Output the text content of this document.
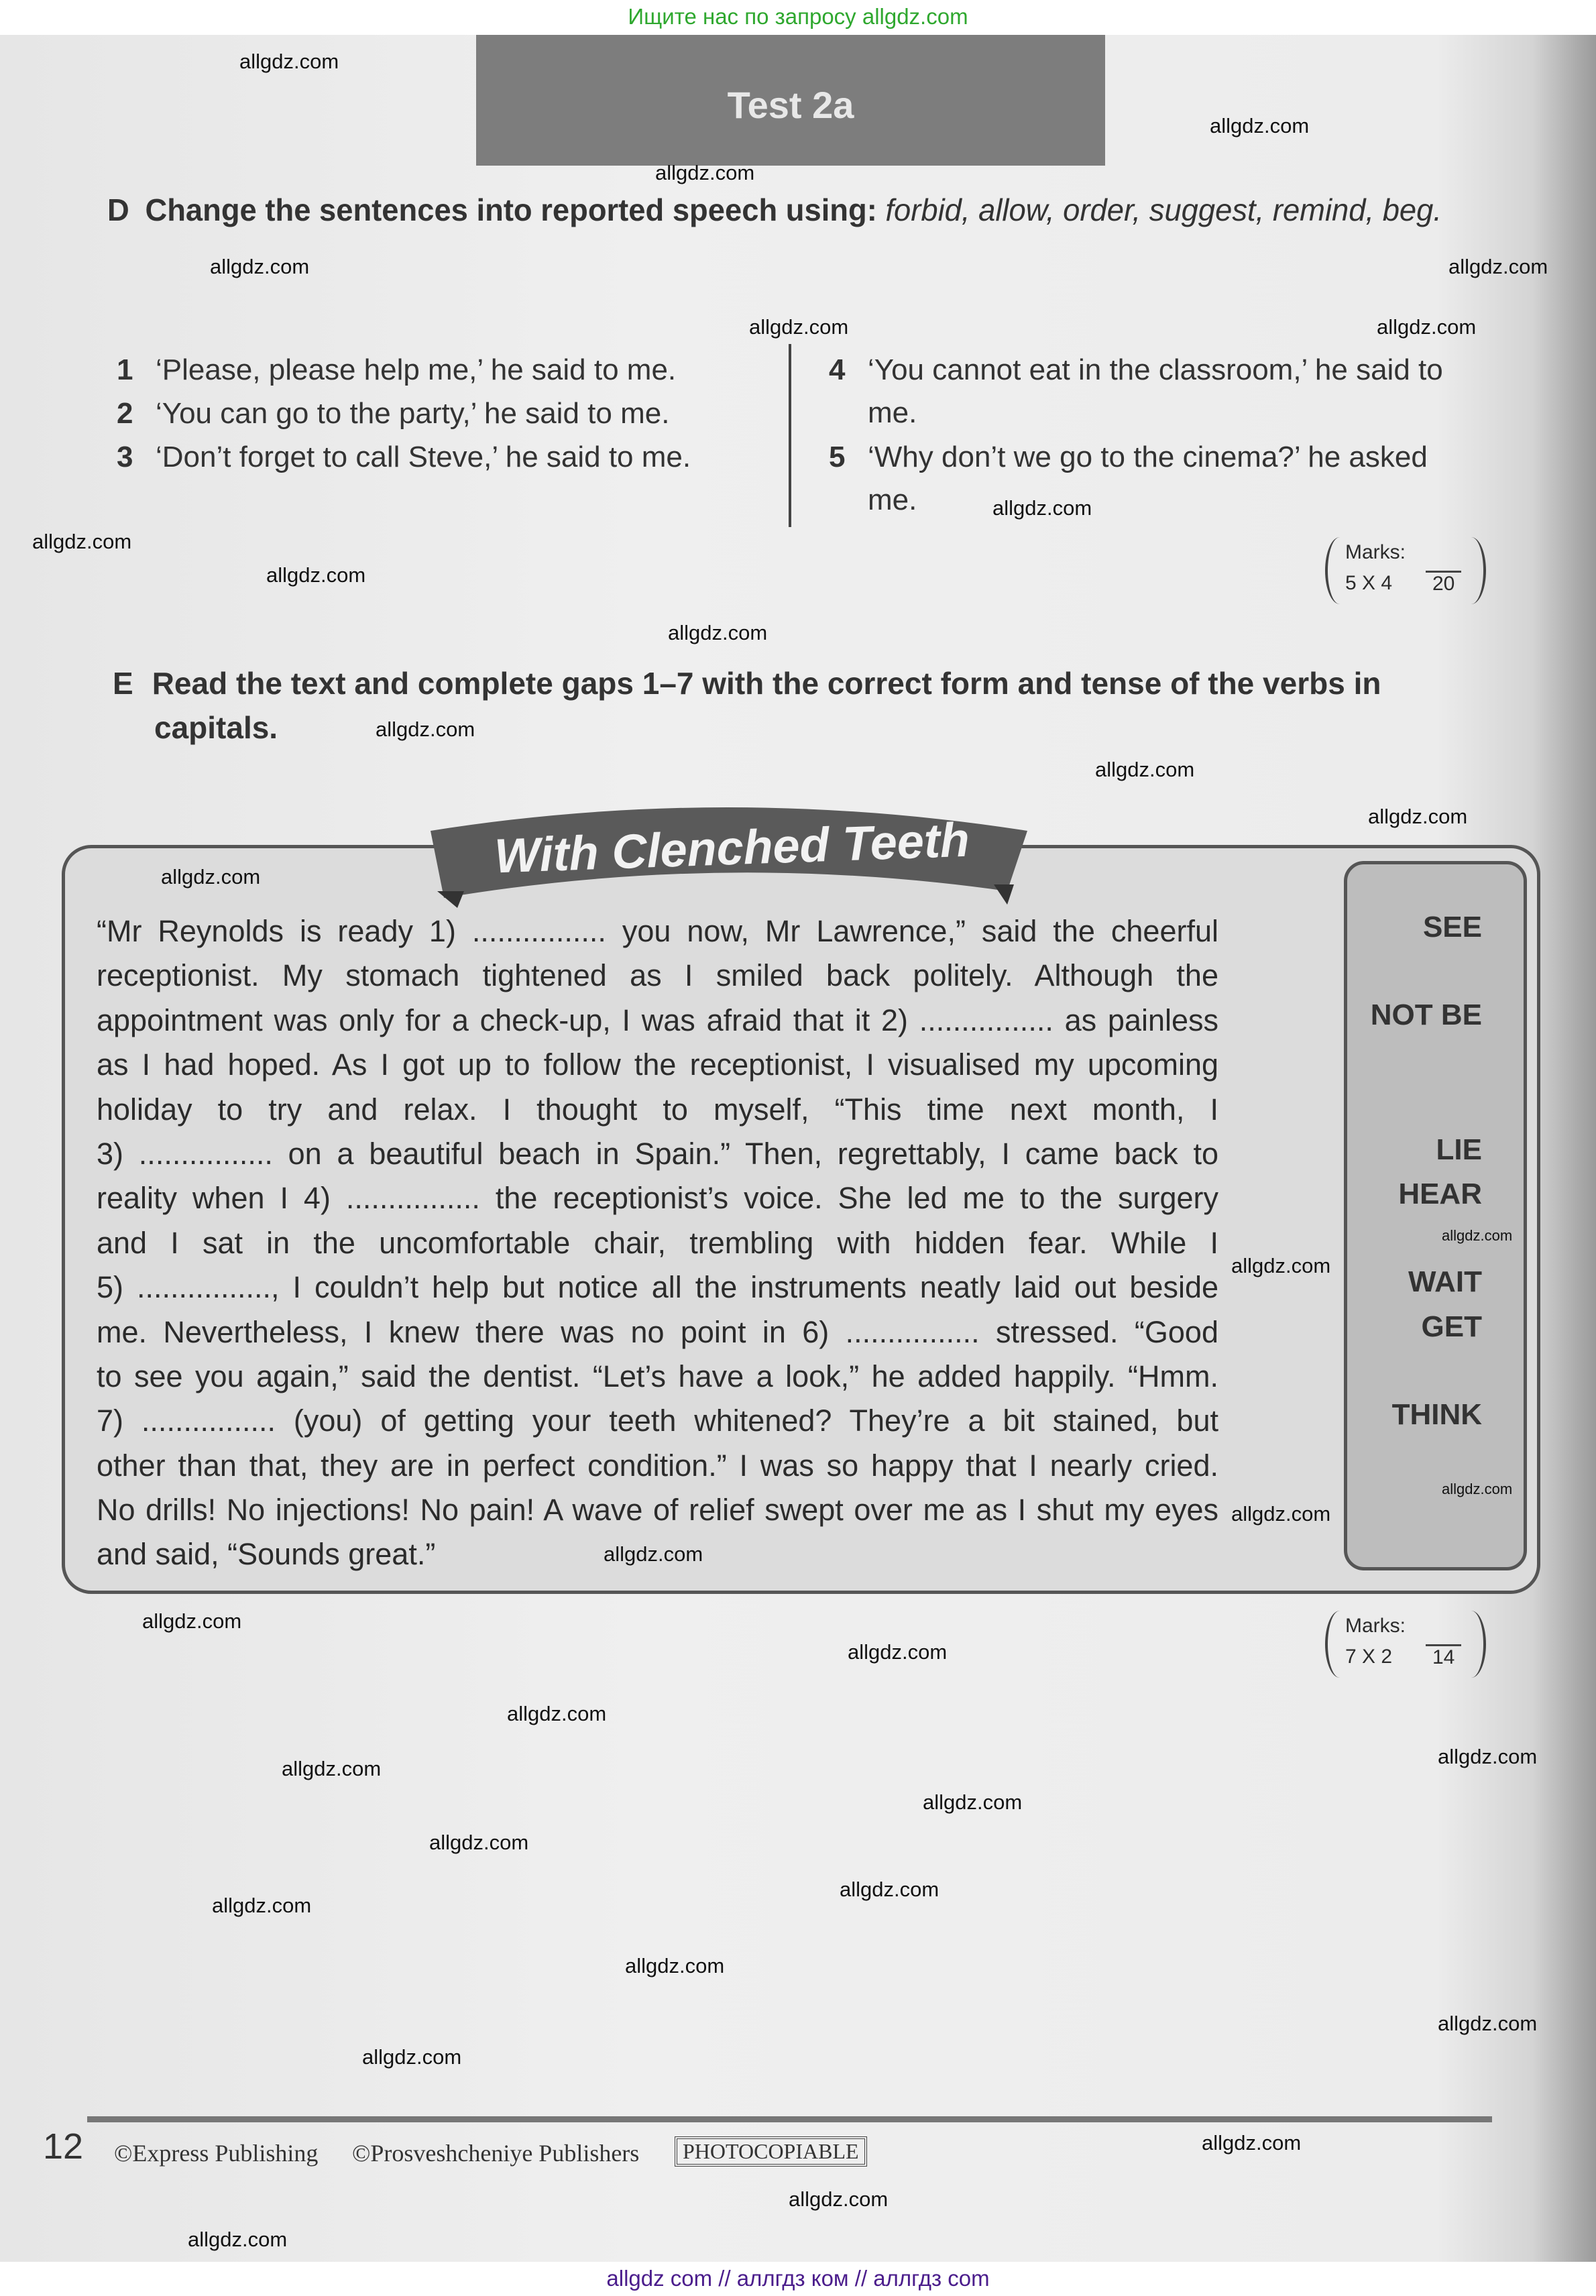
Ищите нас по запросу allgdz.com
Test 2a
D Change the sentences into reported speech using: forbid, allow, order, suggest, remind, beg.
1 ‘Please, please help me,’ he said to me.
2 ‘You can go to the party,’ he said to me.
3 ‘Don’t forget to call Steve,’ he said to me.
4 ‘You cannot eat in the classroom,’ he said to
me.
5 ‘Why don’t we go to the cinema?’ he asked
me.
Marks:
5 X 4	20
E Read the text and complete gaps 1–7 with the correct form and tense of the verbs in
capitals.
With Clenched Teeth
“Mr Reynolds is ready 1) ................ you now, Mr Lawrence,” said the cheerful
receptionist. My stomach tightened as I smiled back politely. Although the
appointment was only for a check-up, I was afraid that it 2) ................ as painless
as I had hoped. As I got up to follow the receptionist, I visualised my upcoming
holiday to try and relax. I thought to myself, “This time next month, I
3) ................ on a beautiful beach in Spain.” Then, regrettably, I came back to
reality when I 4) ................ the receptionist’s voice. She led me to the surgery
and I sat in the uncomfortable chair, trembling with hidden fear. While I
5) ................, I couldn’t help but notice all the instruments neatly laid out beside
me. Nevertheless, I knew there was no point in 6) ................ stressed. “Good
to see you again,” said the dentist. “Let’s have a look,” he added happily. “Hmm.
7) ................ (you) of getting your teeth whitened? They’re a bit stained, but
other than that, they are in perfect condition.” I was so happy that I nearly cried.
No drills! No injections! No pain! A wave of relief swept over me as I shut my eyes
and said, “Sounds great.”
SEE
NOT BE
LIE
HEAR
WAIT
GET
THINK
Marks:
7 X 2	14
12 ©Express Publishing ©Prosveshcheniye Publishers	PHOTOCOPIABLE
allgdz.com
allgdz.com
allgdz.com
allgdz.com
allgdz.com
allgdz.com	allgdz.com
allgdz.com
allgdz.com
allgdz.com
allgdz.com
allgdz.com
allgdz.com
allgdz.com
allgdz.com
allgdz.com
allgdz.com
allgdz.com
allgdz.com
allgdz.com
allgdz.com
allgdz.com
allgdz.com
allgdz.com
allgdz.com
allgdz.com
allgdz.com
allgdz.com
allgdz.com
allgdz.com
allgdz.com
allgdz.com
allgdz.com
allgdz.com
allgdz.com
allgdz com // аллгдз ком // аллгдз com
